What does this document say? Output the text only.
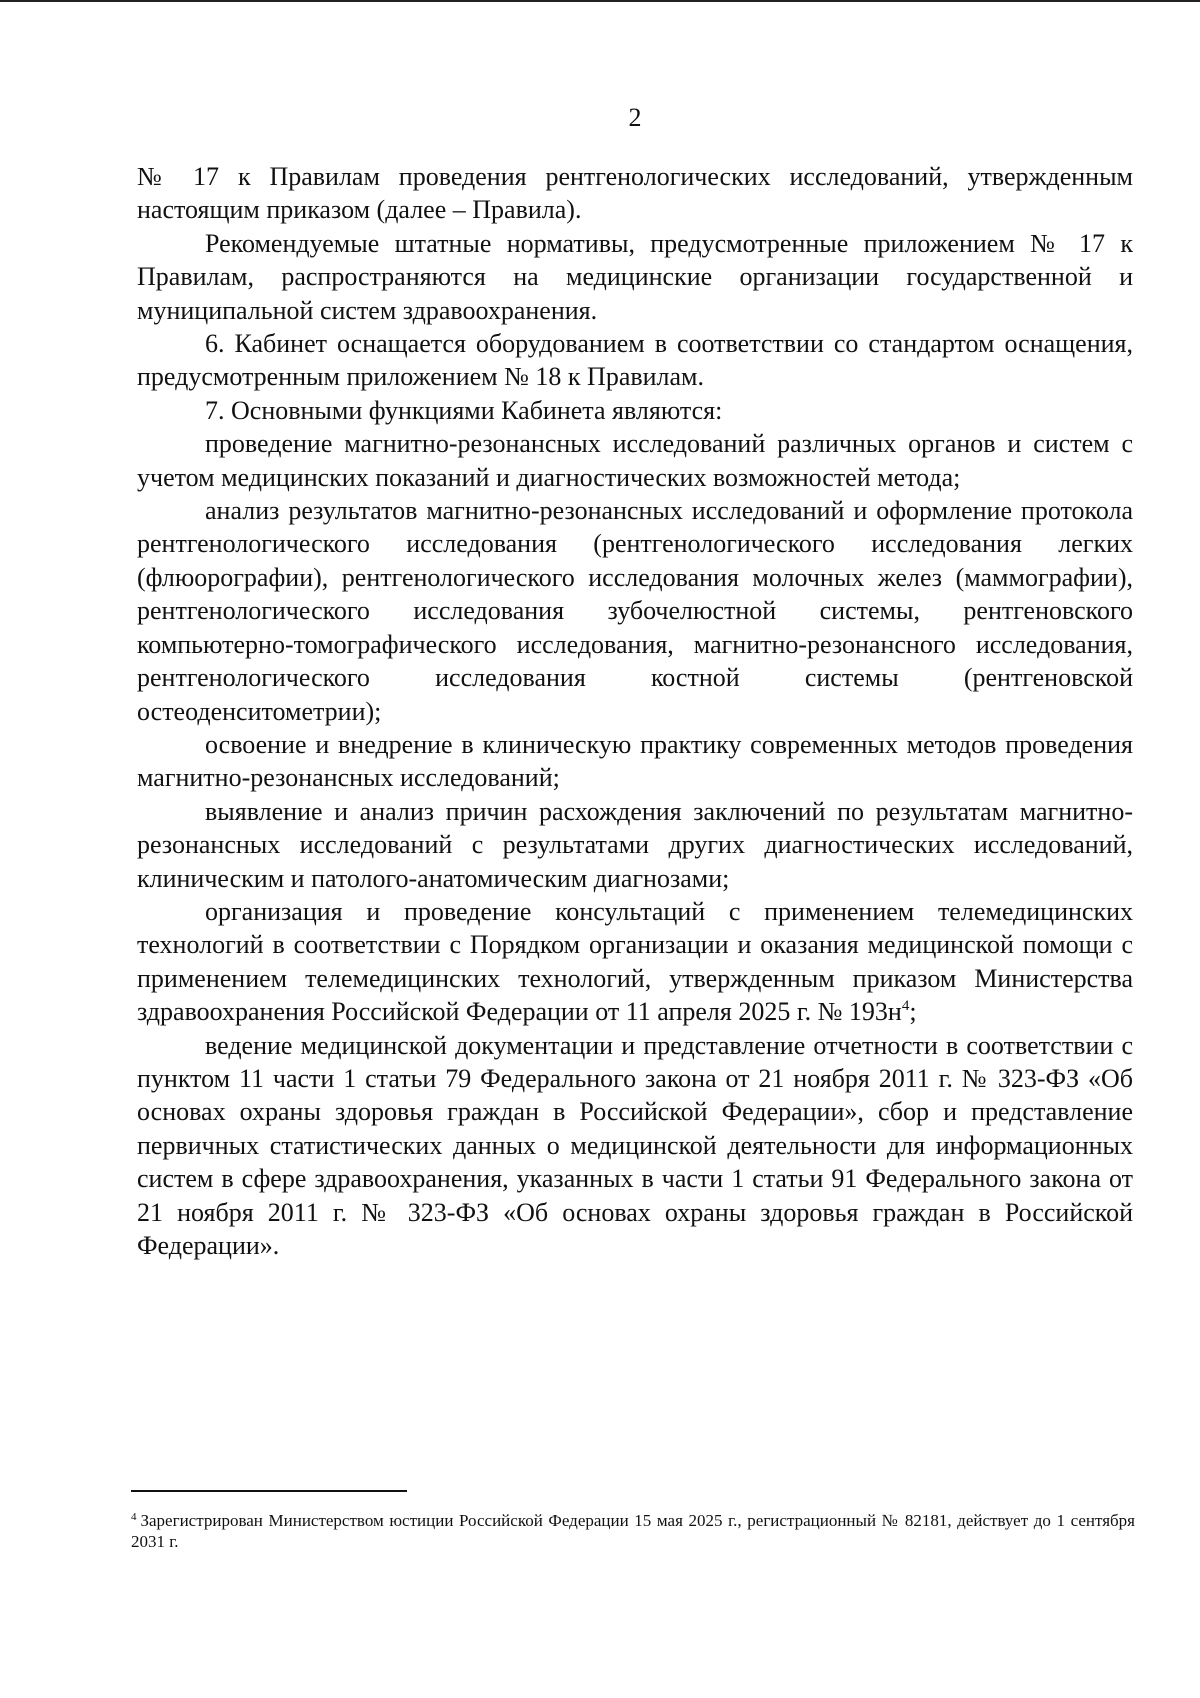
2

№ 17 к Правилам проведения рентгенологических исследований, утвержденным настоящим приказом (далее – Правила).

Рекомендуемые штатные нормативы, предусмотренные приложением № 17 к Правилам, распространяются на медицинские организации государственной и муниципальной систем здравоохранения.

6. Кабинет оснащается оборудованием в соответствии со стандартом оснащения, предусмотренным приложением № 18 к Правилам.

7. Основными функциями Кабинета являются:

проведение магнитно-резонансных исследований различных органов и систем с учетом медицинских показаний и диагностических возможностей метода;

анализ результатов магнитно-резонансных исследований и оформление протокола рентгенологического исследования (рентгенологического исследования легких (флюорографии), рентгенологического исследования молочных желез (маммографии), рентгенологического исследования зубочелюстной системы, рентгеновского компьютерно-томографического исследования, магнитно-резонансного исследования, рентгенологического исследования костной системы (рентгеновской остеоденситометрии);

освоение и внедрение в клиническую практику современных методов проведения магнитно-резонансных исследований;

выявление и анализ причин расхождения заключений по результатам магнитно-резонансных исследований с результатами других диагностических исследований, клиническим и патолого-анатомическим диагнозами;

организация и проведение консультаций с применением телемедицинских технологий в соответствии с Порядком организации и оказания медицинской помощи с применением телемедицинских технологий, утвержденным приказом Министерства здравоохранения Российской Федерации от 11 апреля 2025 г. № $193н^4$;

ведение медицинской документации и представление отчетности в соответствии с пунктом 11 части 1 статьи 79 Федерального закона от 21 ноября 2011 г. № 323-ФЗ «Об основах охраны здоровья граждан в Российской Федерации», сбор и представление первичных статистических данных о медицинской деятельности для информационных систем в сфере здравоохранения, указанных в части 1 статьи 91 Федерального закона от 21 ноября 2011 г. № 323-ФЗ «Об основах охраны здоровья граждан в Российской Федерации».

$^4$ Зарегистрирован Министерством юстиции Российской Федерации 15 мая 2025 г., регистрационный № 82181, действует до 1 сентября 2031 г.
